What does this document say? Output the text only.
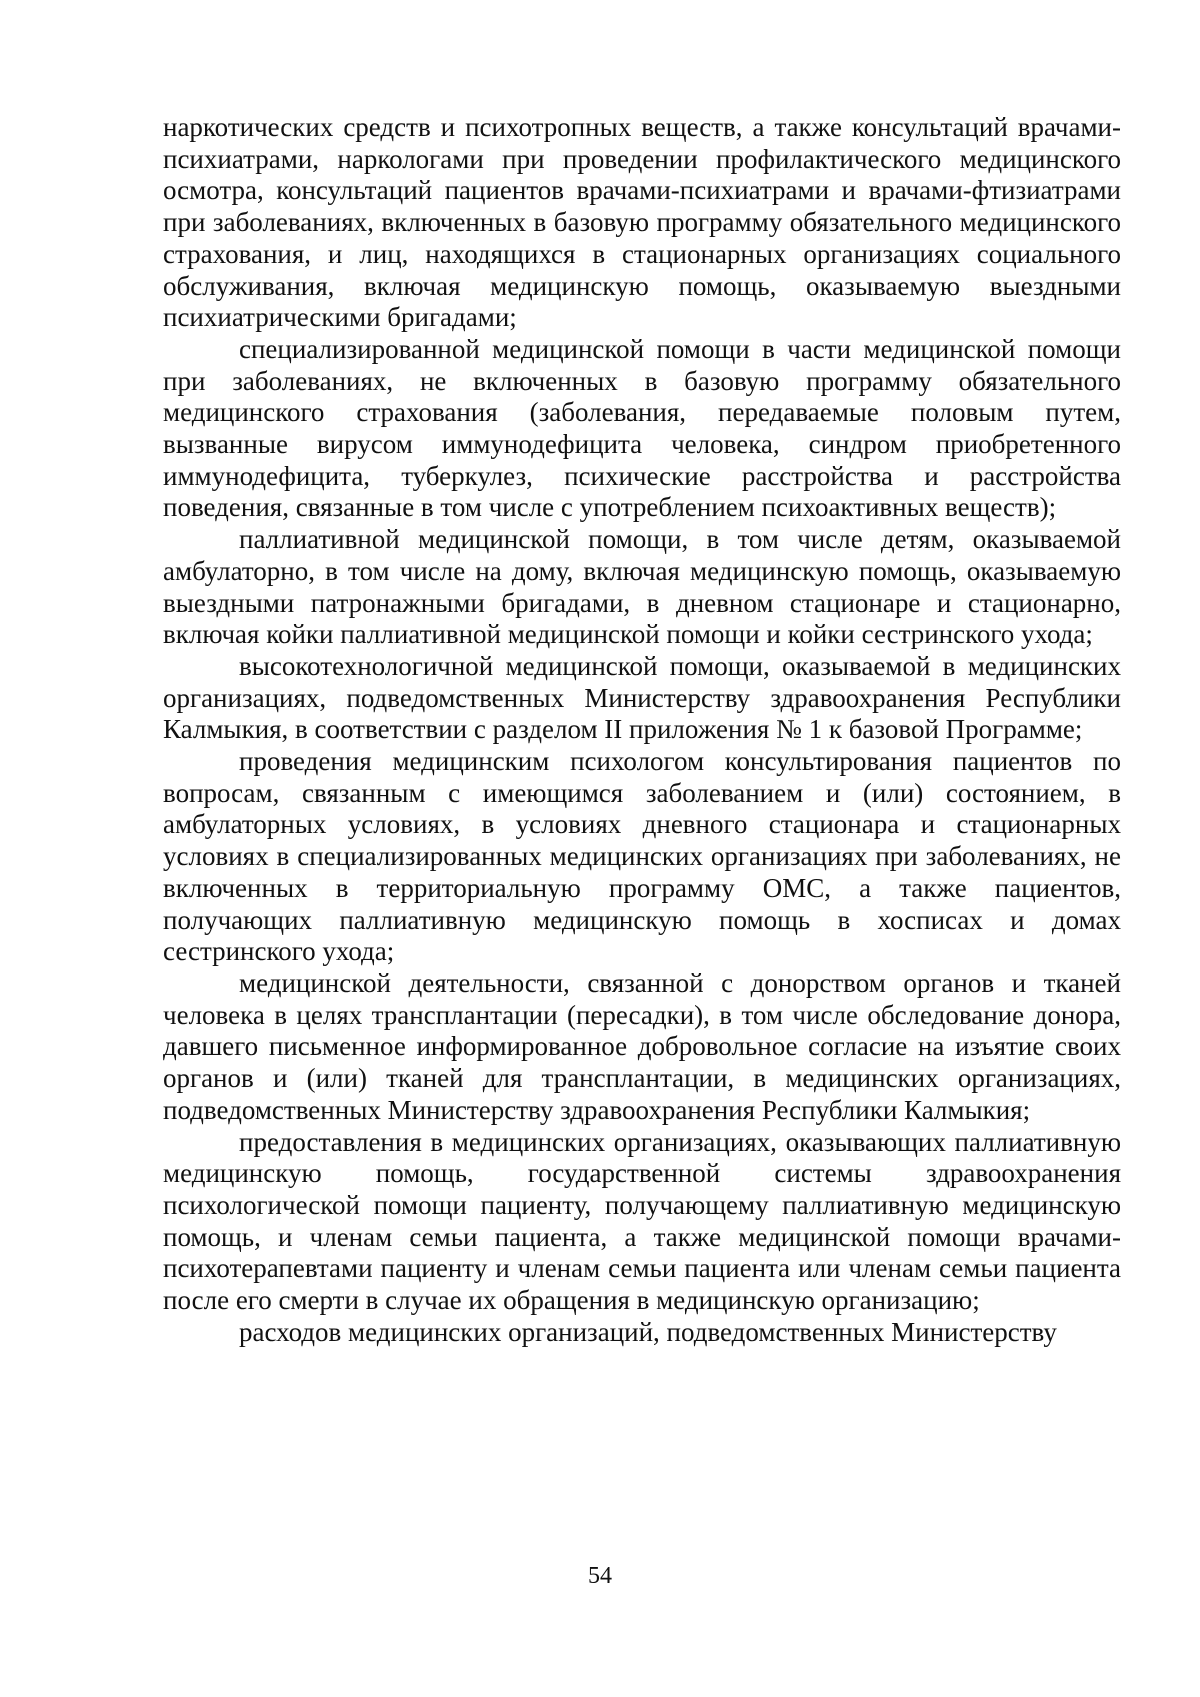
наркотических средств и психотропных веществ, а также консультаций врачами-психиатрами, наркологами при проведении профилактического медицинского осмотра, консультаций пациентов врачами-психиатрами и врачами-фтизиатрами при заболеваниях, включенных в базовую программу обязательного медицинского страхования, и лиц, находящихся в стационарных организациях социального обслуживания, включая медицинскую помощь, оказываемую выездными психиатрическими бригадами;

специализированной медицинской помощи в части медицинской помощи при заболеваниях, не включенных в базовую программу обязательного медицинского страхования (заболевания, передаваемые половым путем, вызванные вирусом иммунодефицита человека, синдром приобретенного иммунодефицита, туберкулез, психические расстройства и расстройства поведения, связанные в том числе с употреблением психоактивных веществ);

паллиативной медицинской помощи, в том числе детям, оказываемой амбулаторно, в том числе на дому, включая медицинскую помощь, оказываемую выездными патронажными бригадами, в дневном стационаре и стационарно, включая койки паллиативной медицинской помощи и койки сестринского ухода;

высокотехнологичной медицинской помощи, оказываемой в медицинских организациях, подведомственных Министерству здравоохранения Республики Калмыкия, в соответствии с разделом II приложения № 1 к базовой Программе;

проведения медицинским психологом консультирования пациентов по вопросам, связанным с имеющимся заболеванием и (или) состоянием, в амбулаторных условиях, в условиях дневного стационара и стационарных условиях в специализированных медицинских организациях при заболеваниях, не включенных в территориальную программу ОМС, а также пациентов, получающих паллиативную медицинскую помощь в хосписах и домах сестринского ухода;

медицинской деятельности, связанной с донорством органов и тканей человека в целях трансплантации (пересадки), в том числе обследование донора, давшего письменное информированное добровольное согласие на изъятие своих органов и (или) тканей для трансплантации, в медицинских организациях, подведомственных Министерству здравоохранения Республики Калмыкия;

предоставления в медицинских организациях, оказывающих паллиативную медицинскую помощь, государственной системы здравоохранения психологической помощи пациенту, получающему паллиативную медицинскую помощь, и членам семьи пациента, а также медицинской помощи врачами-психотерапевтами пациенту и членам семьи пациента или членам семьи пациента после его смерти в случае их обращения в медицинскую организацию;

расходов медицинских организаций, подведомственных Министерству

54
